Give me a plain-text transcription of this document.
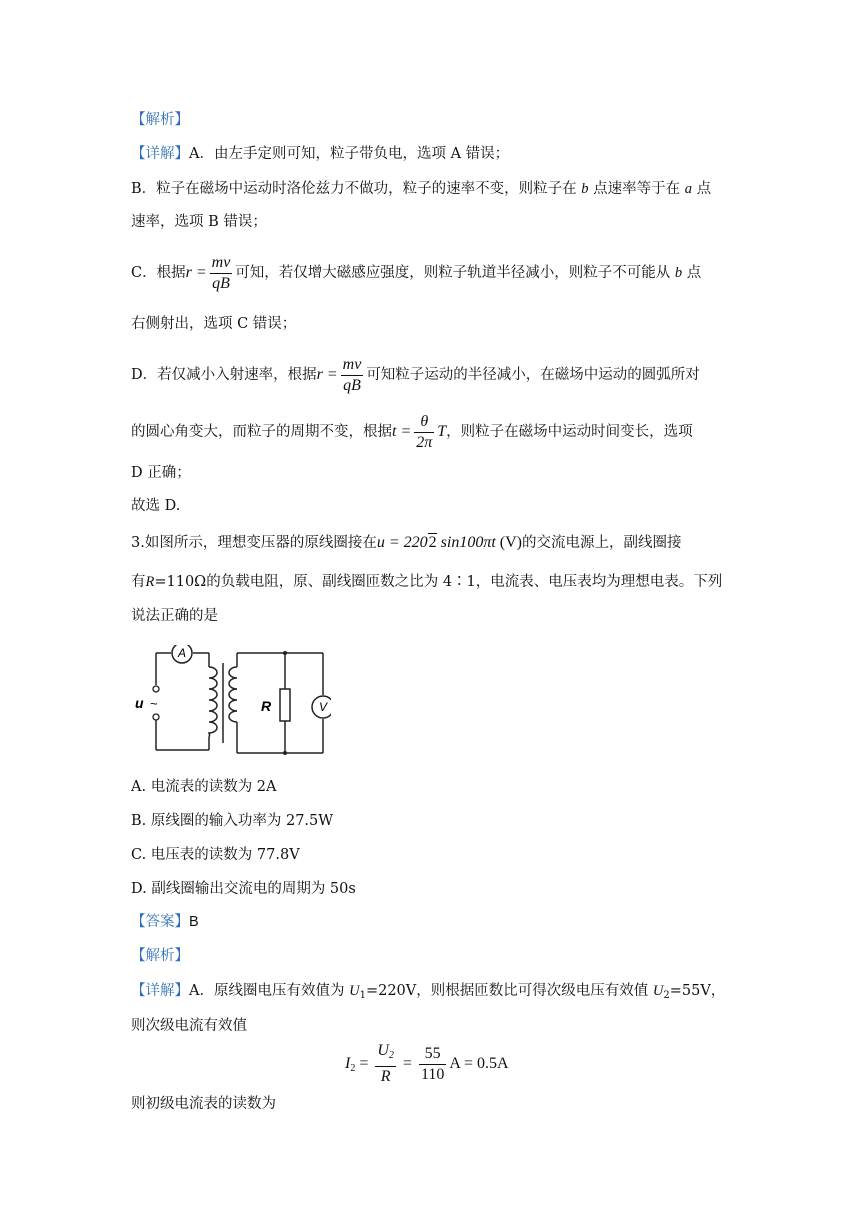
【解析】
【详解】A．由左手定则可知，粒子带负电，选项 A 错误；
B．粒子在磁场中运动时洛伦兹力不做功，粒子的速率不变，则粒子在 b 点速率等于在 a 点
速率，选项 B 错误；
C．根据$r = \frac{mv}{qB}$ 可知，若仅增大磁感应强度，则粒子轨道半径减小，则粒子不可能从 b 点
右侧射出，选项 C 错误；
D．若仅减小入射速率，根据$r = \frac{mv}{qB}$ 可知粒子运动的半径减小，在磁场中运动的圆弧所对
的圆心角变大，而粒子的周期不变，根据$t = \frac{\theta}{2\pi}$ T，则粒子在磁场中运动时间变长，选项
D 正确；
故选 D.
3.如图所示，理想变压器的原线圈接在u = 2202 sin100πt (V)的交流电源上，副线圈接
有R=110Ω的负载电阻，原、副线圈匝数之比为 4∶1，电流表、电压表均为理想电表。下列
说法正确的是
A
V
u ~	R
A. 电流表的读数为 2A
B. 原线圈的输入功率为 27.5W
C. 电压表的读数为 77.8V
D. 副线圈输出交流电的周期为 50s
【答案】B
【解析】
【详解】A．原线圈电压有效值为 $U_1=220V$，则根据匝数比可得次级电压有效值 $U_2=55V$，
则次级电流有效值
$I_2 = \frac{U_2}{R} = \frac{55}{110}$ A = 0.5A
则初级电流表的读数为
